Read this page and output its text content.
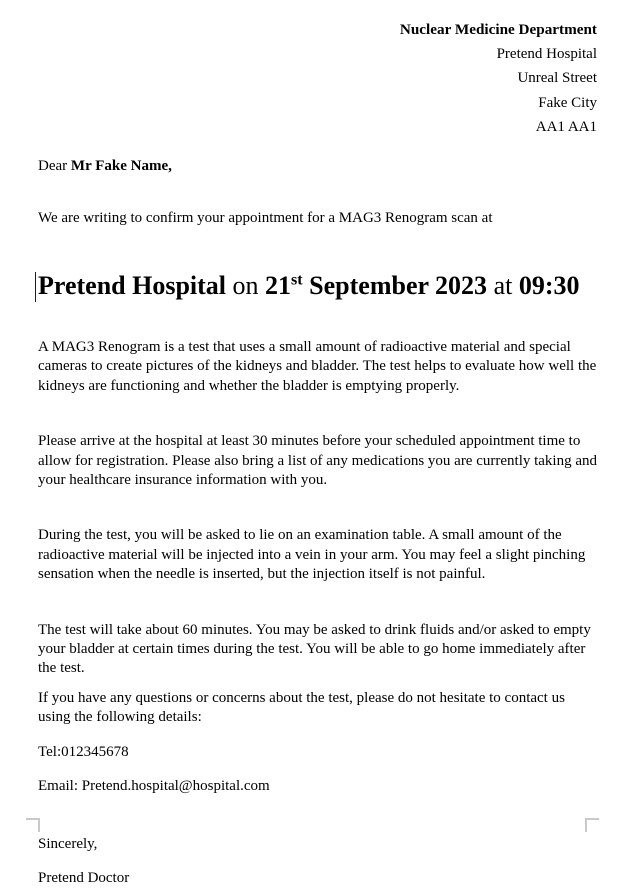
Nuclear Medicine Department
Pretend Hospital
Unreal Street
Fake City
AA1 AA1
Dear Mr Fake Name,
We are writing to confirm your appointment for a MAG3 Renogram scan at
Pretend Hospital on 21st September 2023 at 09:30
A MAG3 Renogram is a test that uses a small amount of radioactive material and special cameras to create pictures of the kidneys and bladder. The test helps to evaluate how well the kidneys are functioning and whether the bladder is emptying properly.
Please arrive at the hospital at least 30 minutes before your scheduled appointment time to allow for registration. Please also bring a list of any medications you are currently taking and your healthcare insurance information with you.
During the test, you will be asked to lie on an examination table. A small amount of the radioactive material will be injected into a vein in your arm. You may feel a slight pinching sensation when the needle is inserted, but the injection itself is not painful.
The test will take about 60 minutes. You may be asked to drink fluids and/or asked to empty your bladder at certain times during the test. You will be able to go home immediately after the test.
If you have any questions or concerns about the test, please do not hesitate to contact us using the following details:
Tel:012345678
Email: Pretend.hospital@hospital.com
Sincerely,
Pretend Doctor
